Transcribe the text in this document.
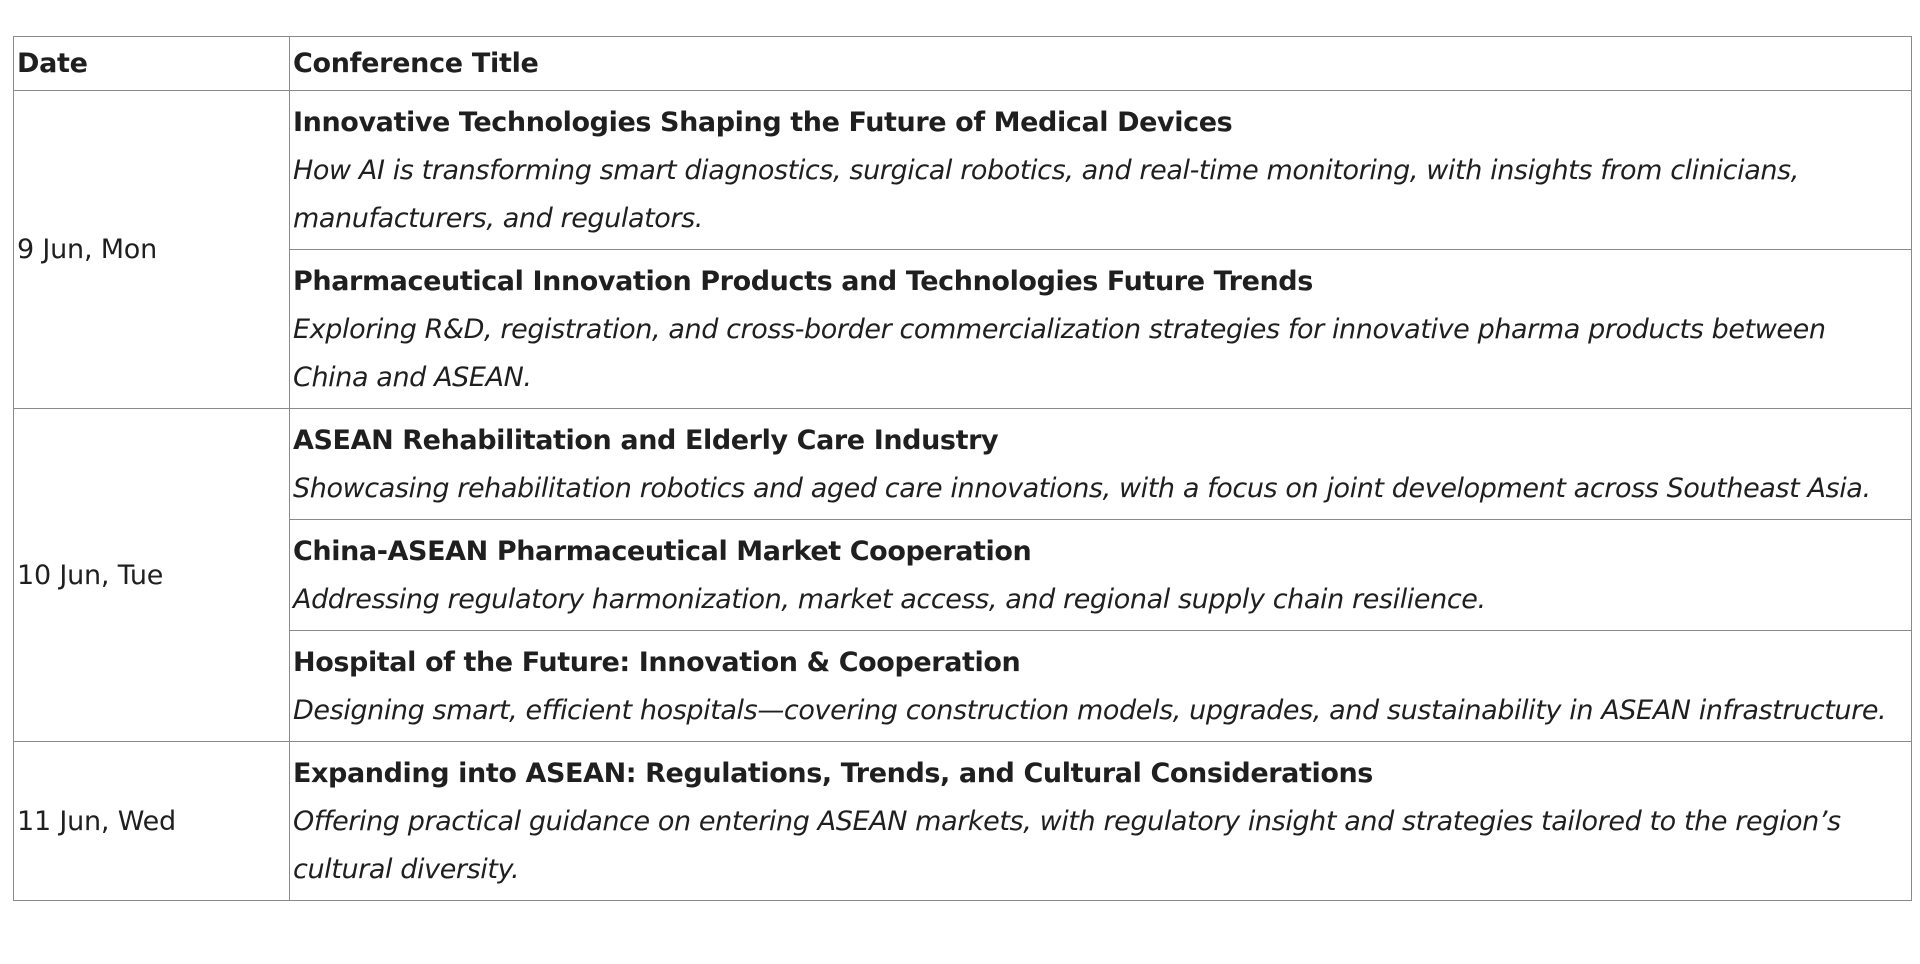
Date	Conference Title
9 Jun, Mon	Innovative Technologies Shaping the Future of Medical Devices
How AI is transforming smart diagnostics, surgical robotics, and real-time monitoring, with insights from clinicians, manufacturers, and regulators.

	Pharmaceutical Innovation Products and Technologies Future Trends
Exploring R&D, registration, and cross-border commercialization strategies for innovative pharma products between China and ASEAN.

10 Jun, Tue	ASEAN Rehabilitation and Elderly Care Industry
Showcasing rehabilitation robotics and aged care innovations, with a focus on joint development across Southeast Asia.

	China-ASEAN Pharmaceutical Market Cooperation
Addressing regulatory harmonization, market access, and regional supply chain resilience.

	Hospital of the Future: Innovation & Cooperation
Designing smart, efficient hospitals—covering construction models, upgrades, and sustainability in ASEAN infrastructure.

11 Jun, Wed	Expanding into ASEAN: Regulations, Trends, and Cultural Considerations
Offering practical guidance on entering ASEAN markets, with regulatory insight and strategies tailored to the region’s cultural diversity.
